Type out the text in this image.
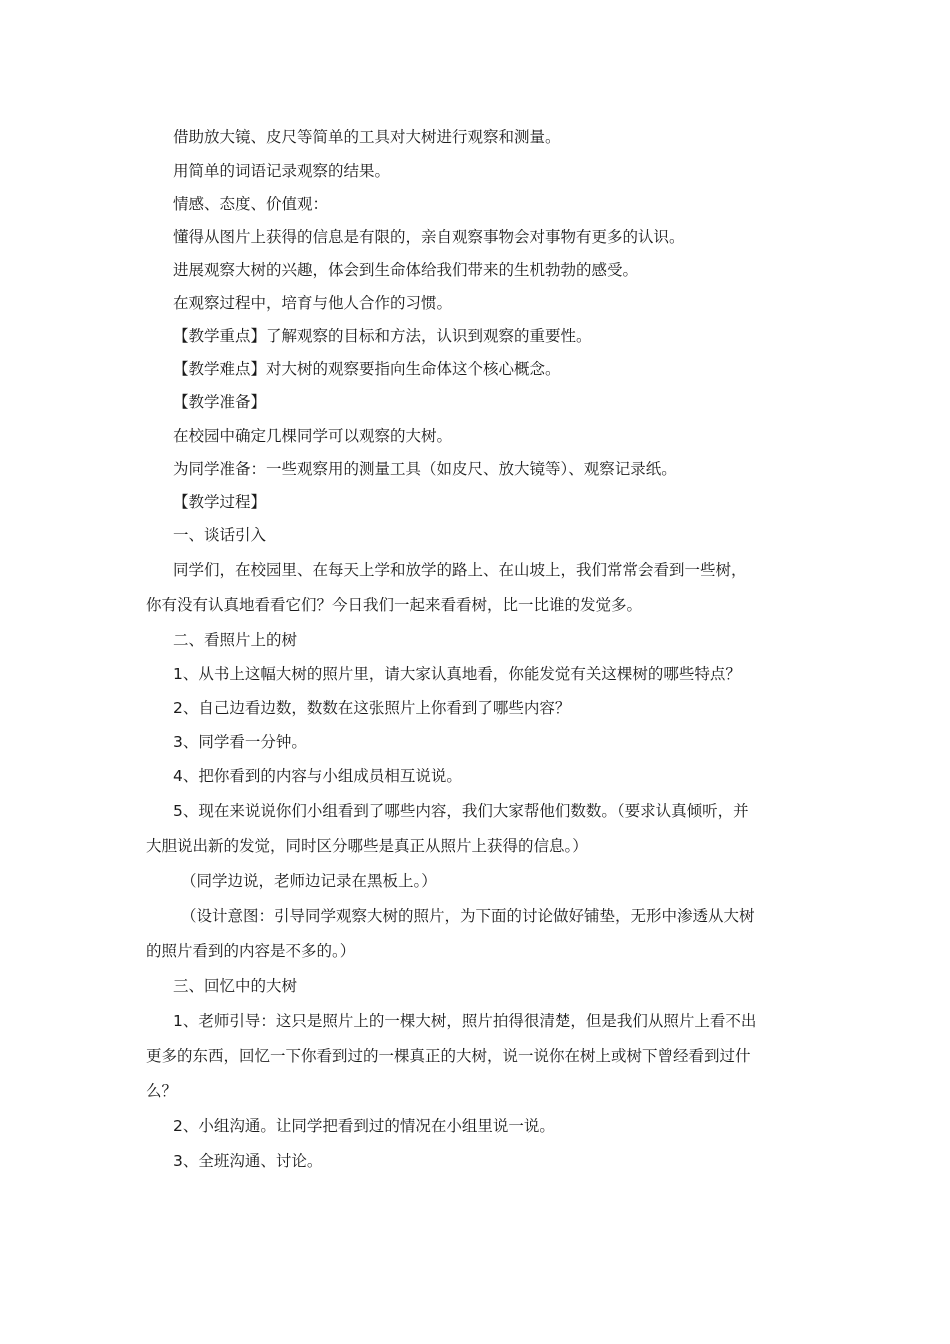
借助放大镜、皮尺等简单的工具对大树进行观察和测量。
用简单的词语记录观察的结果。
情感、态度、价值观：
懂得从图片上获得的信息是有限的，亲自观察事物会对事物有更多的认识。
进展观察大树的兴趣，体会到生命体给我们带来的生机勃勃的感受。
在观察过程中，培育与他人合作的习惯。
【教学重点】了解观察的目标和方法，认识到观察的重要性。
【教学难点】对大树的观察要指向生命体这个核心概念。
【教学准备】
在校园中确定几棵同学可以观察的大树。
为同学准备：一些观察用的测量工具（如皮尺、放大镜等）、观察记录纸。
【教学过程】
一、谈话引入
同学们，在校园里、在每天上学和放学的路上、在山坡上，我们常常会看到一些树，
你有没有认真地看看它们？今日我们一起来看看树，比一比谁的发觉多。
二、看照片上的树
1、从书上这幅大树的照片里，请大家认真地看，你能发觉有关这棵树的哪些特点？
2、自己边看边数，数数在这张照片上你看到了哪些内容？
3、同学看一分钟。
4、把你看到的内容与小组成员相互说说。
5、现在来说说你们小组看到了哪些内容，我们大家帮他们数数。（要求认真倾听，并
大胆说出新的发觉，同时区分哪些是真正从照片上获得的信息。）
（同学边说，老师边记录在黑板上。）
（设计意图：引导同学观察大树的照片，为下面的讨论做好铺垫，无形中渗透从大树
的照片看到的内容是不多的。）
三、回忆中的大树
1、老师引导：这只是照片上的一棵大树，照片拍得很清楚，但是我们从照片上看不出
更多的东西，回忆一下你看到过的一棵真正的大树，说一说你在树上或树下曾经看到过什
么？
2、小组沟通。让同学把看到过的情况在小组里说一说。
3、全班沟通、讨论。
